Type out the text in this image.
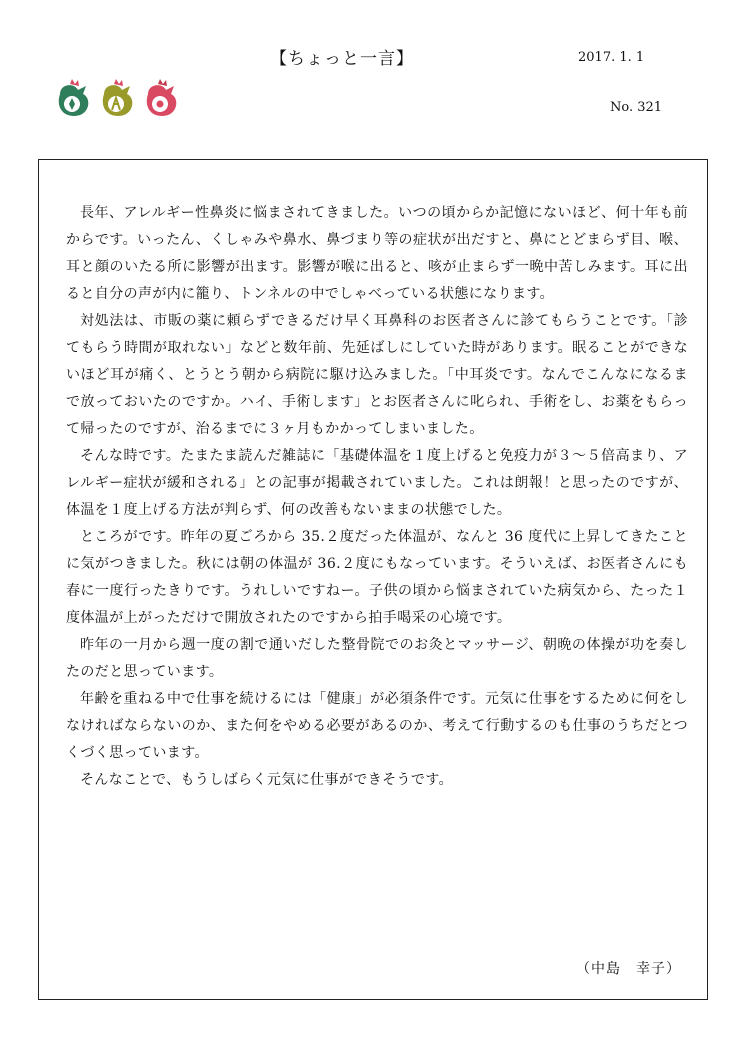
【ちょっと一言】	2017. 1. 1
No. 321

長年、アレルギー性鼻炎に悩まされてきました。いつの頃からか記憶にないほど、何十年も前からです。いったん、くしゃみや鼻水、鼻づまり等の症状が出だすと、鼻にとどまらず目、喉、耳と顔のいたる所に影響が出ます。影響が喉に出ると、咳が止まらず一晩中苦しみます。耳に出ると自分の声が内に籠り、トンネルの中でしゃべっている状態になります。

対処法は、市販の薬に頼らずできるだけ早く耳鼻科のお医者さんに診てもらうことです。「診てもらう時間が取れない」などと数年前、先延ばしにしていた時があります。眠ることができないほど耳が痛く、とうとう朝から病院に駆け込みました。「中耳炎です。なんでこんなになるまで放っておいたのですか。ハイ、手術します」とお医者さんに叱られ、手術をし、お薬をもらって帰ったのですが、治るまでに３ヶ月もかかってしまいました。

そんな時です。たまたま読んだ雑誌に「基礎体温を１度上げると免疫力が３～５倍高まり、アレルギー症状が緩和される」との記事が掲載されていました。これは朗報！と思ったのですが、体温を１度上げる方法が判らず、何の改善もないままの状態でした。

ところがです。昨年の夏ごろから 35.２度だった体温が、なんと 36 度代に上昇してきたことに気がつきました。秋には朝の体温が 36.２度にもなっています。そういえば、お医者さんにも春に一度行ったきりです。うれしいですねー。子供の頃から悩まされていた病気から、たった１度体温が上がっただけで開放されたのですから拍手喝采の心境です。

昨年の一月から週一度の割で通いだした整骨院でのお灸とマッサージ、朝晩の体操が功を奏したのだと思っています。

年齢を重ねる中で仕事を続けるには「健康」が必須条件です。元気に仕事をするために何をしなければならないのか、また何をやめる必要があるのか、考えて行動するのも仕事のうちだとつくづく思っています。

そんなことで、もうしばらく元気に仕事ができそうです。

（中島　幸子）
